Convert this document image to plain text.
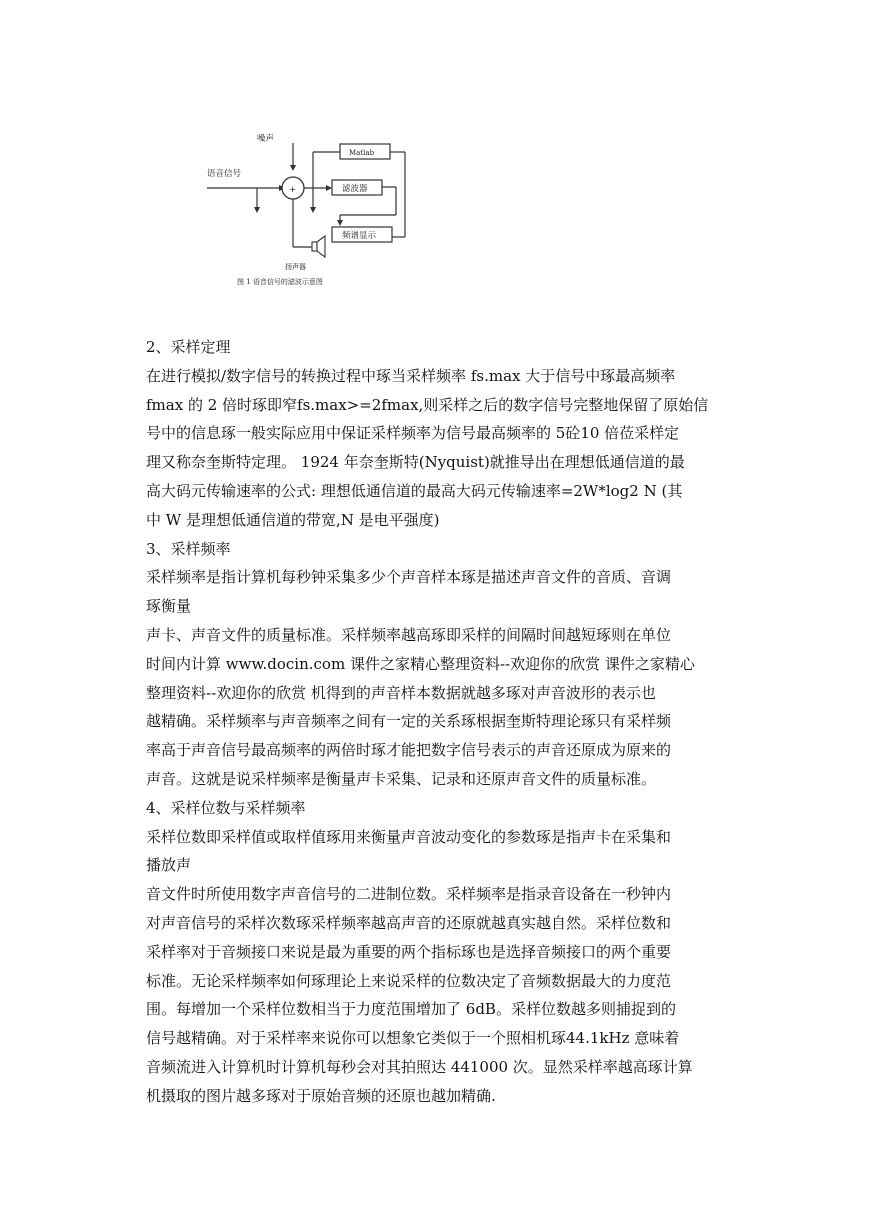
噪声
语音信号
+
Matlab
滤波器
频谱显示
扬声器
图 1 语音信号的滤波示意图

2、采样定理

在进行模拟/数字信号的转换过程中琢当采样频率 fs.max 大于信号中琢最高频率

fmax 的 2 倍时琢即窄fs.max>=2fmax,则采样之后的数字信号完整地保留了原始信

号中的信息琢一般实际应用中保证采样频率为信号最高频率的 5砼10 倍莅采样定

理又称奈奎斯特定理。 1924 年奈奎斯特(Nyquist)就推导出在理想低通信道的最

高大码元传输速率的公式: 理想低通信道的最高大码元传输速率=2W*log2 N (其

中 W 是理想低通信道的带宽,N 是电平强度)

3、采样频率

采样频率是指计算机每秒钟采集多少个声音样本琢是描述声音文件的音质、音调

琢衡量

声卡、声音文件的质量标准。采样频率越高琢即采样的间隔时间越短琢则在单位

时间内计算 www.docin.com 课件之家精心整理资料--欢迎你的欣赏 课件之家精心

整理资料--欢迎你的欣赏 机得到的声音样本数据就越多琢对声音波形的表示也

越精确。采样频率与声音频率之间有一定的关系琢根据奎斯特理论琢只有采样频

率高于声音信号最高频率的两倍时琢才能把数字信号表示的声音还原成为原来的

声音。这就是说采样频率是衡量声卡采集、记录和还原声音文件的质量标准。

4、采样位数与采样频率

采样位数即采样值或取样值琢用来衡量声音波动变化的参数琢是指声卡在采集和

播放声

音文件时所使用数字声音信号的二进制位数。采样频率是指录音设备在一秒钟内

对声音信号的采样次数琢采样频率越高声音的还原就越真实越自然。采样位数和

采样率对于音频接口来说是最为重要的两个指标琢也是选择音频接口的两个重要

标准。无论采样频率如何琢理论上来说采样的位数决定了音频数据最大的力度范

围。每增加一个采样位数相当于力度范围增加了 6dB。采样位数越多则捕捉到的

信号越精确。对于采样率来说你可以想象它类似于一个照相机琢44.1kHz 意味着

音频流进入计算机时计算机每秒会对其拍照达 441000 次。显然采样率越高琢计算

机摄取的图片越多琢对于原始音频的还原也越加精确.
